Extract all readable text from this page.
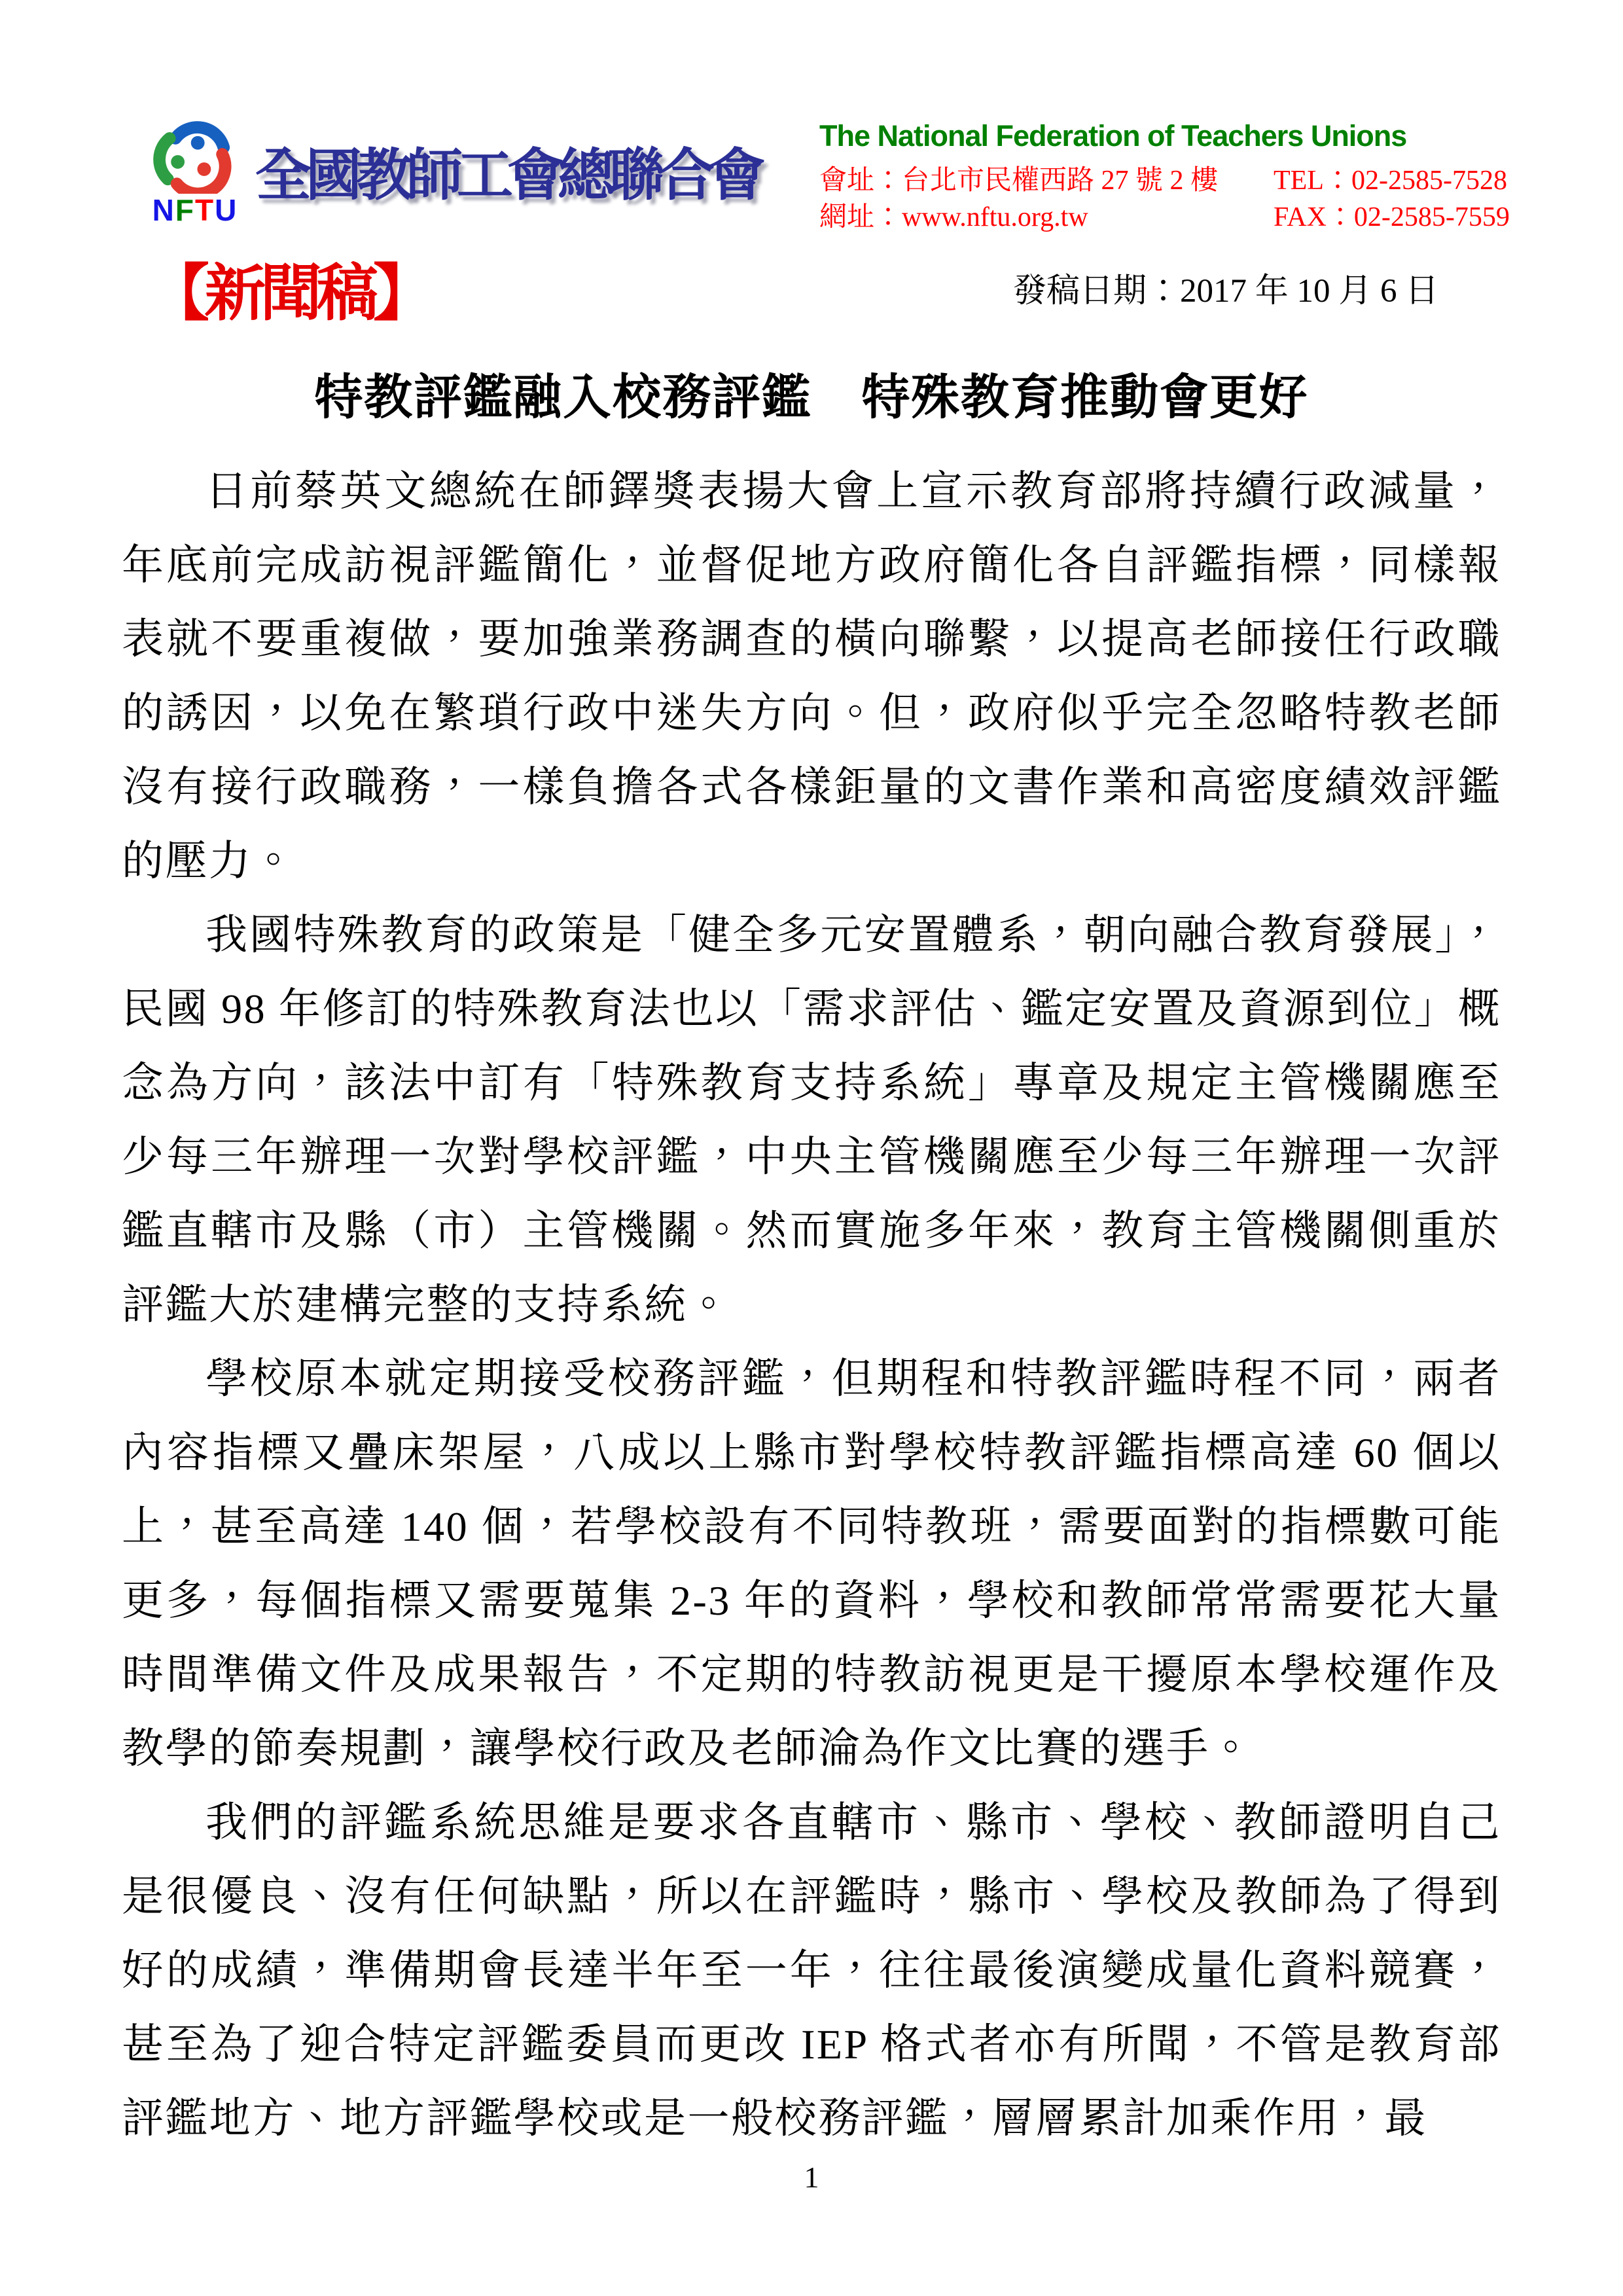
NFTU
全國教師工會總聯合會
The National Federation of Teachers Unions
會址：台北市民權西路 27 號 2 樓 TEL：02-2585-7528
網址：www.nftu.org.tw	FAX：02-2585-7559
【新聞稿】	發稿日期：2017 年 10 月 6 日
特教評鑑融入校務評鑑　特殊教育推動會更好

日前蔡英文總統在師鐸獎表揚大會上宣示教育部將持續行政減量，年底前完成訪視評鑑簡化，並督促地方政府簡化各自評鑑指標，同樣報表就不要重複做，要加強業務調查的橫向聯繫，以提高老師接任行政職的誘因，以免在繁瑣行政中迷失方向。但，政府似乎完全忽略特教老師沒有接行政職務，一樣負擔各式各樣鉅量的文書作業和高密度績效評鑑的壓力。

我國特殊教育的政策是「健全多元安置體系，朝向融合教育發展」，民國 98 年修訂的特殊教育法也以「需求評估、鑑定安置及資源到位」概念為方向，該法中訂有「特殊教育支持系統」專章及規定主管機關應至少每三年辦理一次對學校評鑑，中央主管機關應至少每三年辦理一次評鑑直轄市及縣（市）主管機關。然而實施多年來，教育主管機關側重於評鑑大於建構完整的支持系統。

學校原本就定期接受校務評鑑，但期程和特教評鑑時程不同，兩者內容指標又疊床架屋，八成以上縣市對學校特教評鑑指標高達 60 個以上，甚至高達 140 個，若學校設有不同特教班，需要面對的指標數可能更多，每個指標又需要蒐集 2-3 年的資料，學校和教師常常需要花大量時間準備文件及成果報告，不定期的特教訪視更是干擾原本學校運作及教學的節奏規劃，讓學校行政及老師淪為作文比賽的選手。

我們的評鑑系統思維是要求各直轄市、縣市、學校、教師證明自己是很優良、沒有任何缺點，所以在評鑑時，縣市、學校及教師為了得到好的成績，準備期會長達半年至一年，往往最後演變成量化資料競賽，甚至為了迎合特定評鑑委員而更改 IEP 格式者亦有所聞，不管是教育部評鑑地方、地方評鑑學校或是一般校務評鑑，層層累計加乘作用，最

1
